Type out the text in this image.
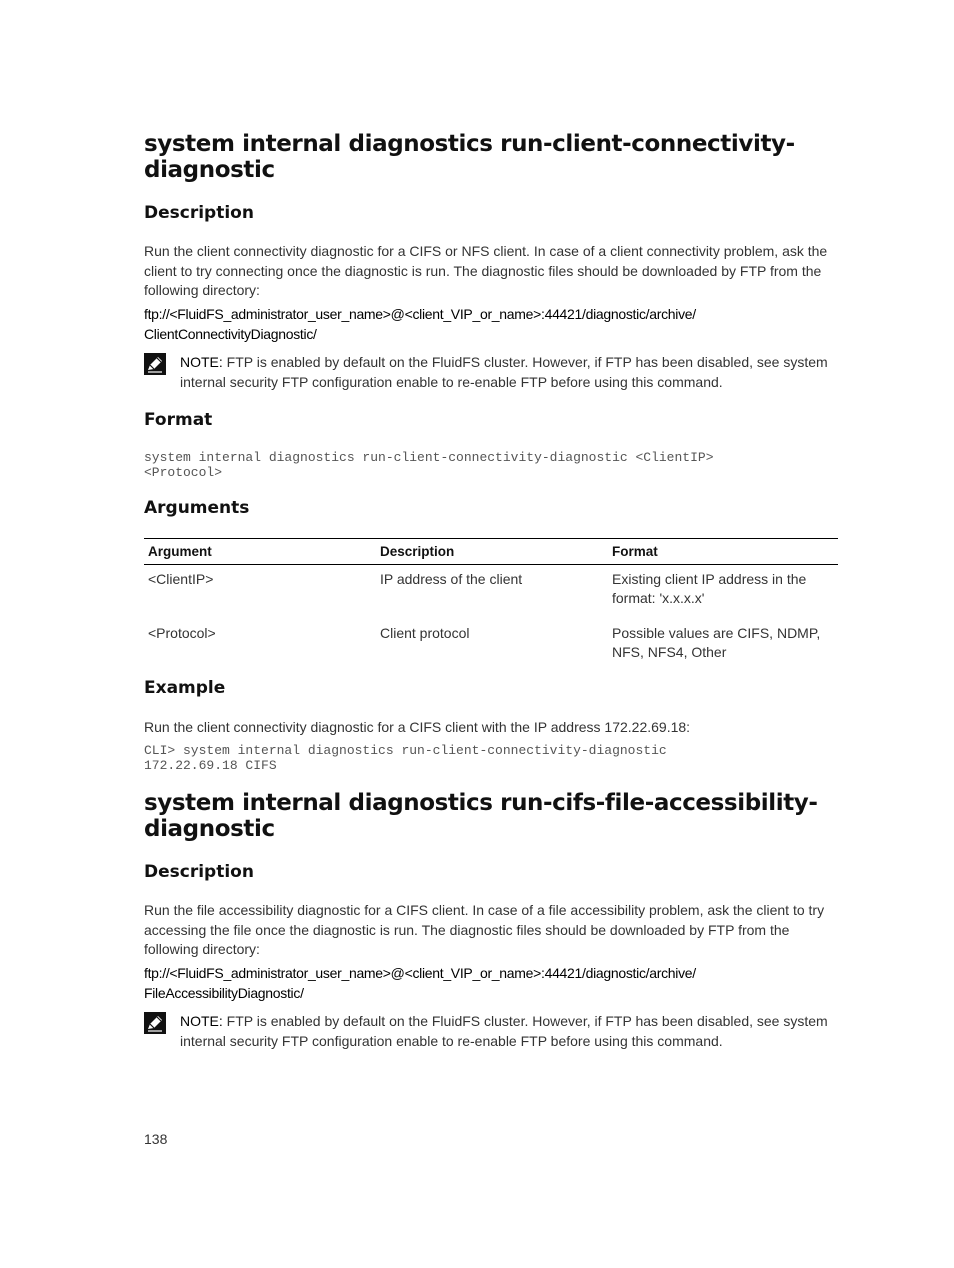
system internal diagnostics run-client-connectivity-
diagnostic
Description

Run the client connectivity diagnostic for a CIFS or NFS client. In case of a client connectivity problem, ask the client to try connecting once the diagnostic is run. The diagnostic files should be downloaded by FTP from the following directory:

ftp://<FluidFS_administrator_user_name>@<client_VIP_or_name>:44421/diagnostic/archive/
ClientConnectivityDiagnostic/
NOTE: FTP is enabled by default on the FluidFS cluster. However, if FTP has been disabled, see system internal security FTP configuration enable to re-enable FTP before using this command.
Format
system internal diagnostics run-client-connectivity-diagnostic <ClientIP>
<Protocol>
Arguments
Argument	Description	Format
<ClientIP>	IP address of the client	Existing client IP address in the format: 'x.x.x.x'
<Protocol>	Client protocol	Possible values are CIFS, NDMP, NFS, NFS4, Other
Example

Run the client connectivity diagnostic for a CIFS client with the IP address 172.22.69.18:

CLI> system internal diagnostics run-client-connectivity-diagnostic
172.22.69.18 CIFS
system internal diagnostics run-cifs-file-accessibility-
diagnostic
Description

Run the file accessibility diagnostic for a CIFS client. In case of a file accessibility problem, ask the client to try accessing the file once the diagnostic is run. The diagnostic files should be downloaded by FTP from the following directory:

ftp://<FluidFS_administrator_user_name>@<client_VIP_or_name>:44421/diagnostic/archive/
FileAccessibilityDiagnostic/
NOTE: FTP is enabled by default on the FluidFS cluster. However, if FTP has been disabled, see system internal security FTP configuration enable to re-enable FTP before using this command.
138
